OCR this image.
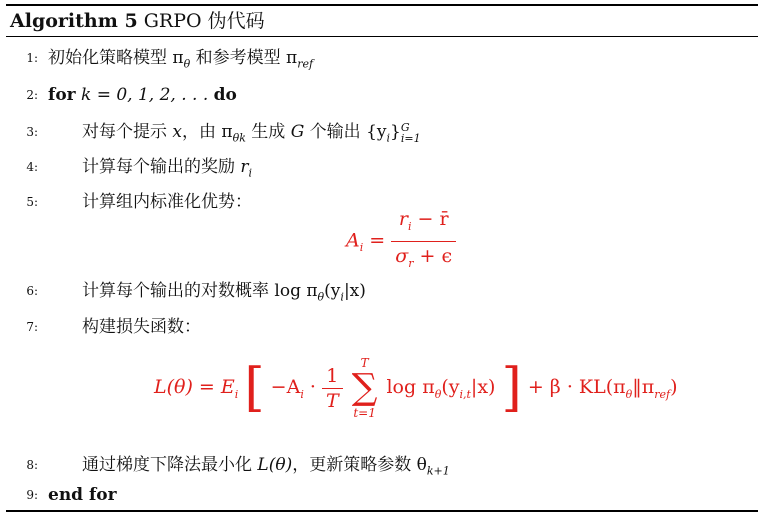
Algorithm 5 GRPO 伪代码
1: 初始化策略模型 $\pi_\theta$ 和参考模型 $\pi_{ref}$
2: for k = 0, 1, 2, . . . do
3:	对每个提示 x，由 $\pi_{\theta k}$ 生成 G 个输出 $\{y_i\}$ G
i=1
4:	计算每个输出的奖励 $r_i$
5:	计算组内标准化优势：
$A_i = \frac{r_i - r̄}{\sigma_r + \epsilon}$
6:	计算每个输出的对数概率 $\log \pi_\theta(y_i|x)$
7:	构建损失函数：
$L(\theta) = E_i$ [ $-A_i \cdot \frac{1}{T}$

T
∑
t=1
$\log \pi_\theta(y_{i,t}|x)$ ] + $\beta \cdot KL(\pi_\theta‖\pi_{ref})$
8:	通过梯度下降法最小化 L(θ)，更新策略参数 $\theta_{k+1}$
9: end for
